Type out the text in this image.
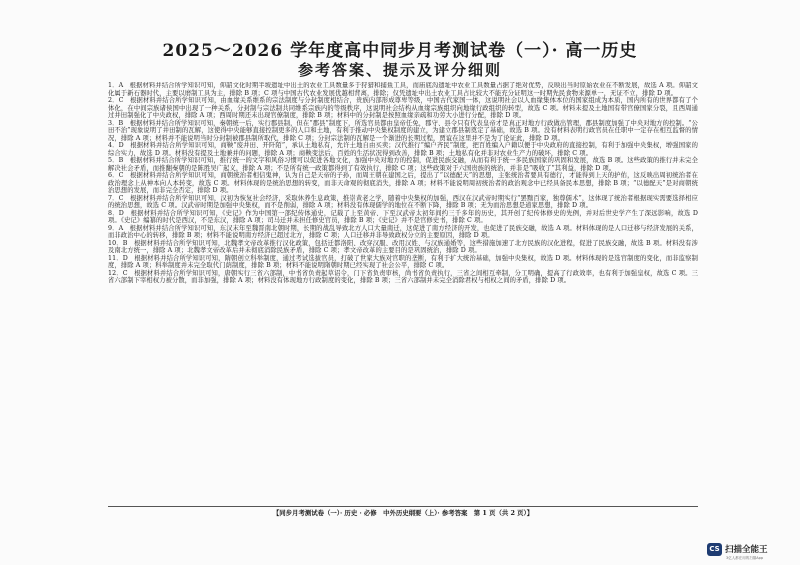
2025～2026 学年度高中同步月考测试卷（一）· 高一历史
参考答案、提示及评分细则

1．A　根据材料并结合所学知识可知，仰韶文化时期半坡遗址中出土的农业工具数量多于狩猎和捕鱼工具，而庙底沟遗址中农业工具数量占据了绝对优势，反映出当时原始农业在不断发展，故选 A 项。仰韶文化属于新石器时代，主要以磨制工具为主，排除 B 项；C 项与中国古代农业发展优越相背离，排除；仅凭遗址中出土农业工具占比较大不能充分证明这一时期先民食物来源单一，无证不立，排除 D 项。

2．C　根据材料并结合所学知识可知，由血缘关系维系的宗法制度与分封制度相结合，贵族内部形成尊卑等级，中国古代家国一体，这说明社会以人血缘集体本位的国家组成为本质，国内所有的世界都有了个体化，在中间宗族诸侯国中出现了一种关系，分封制与宗法制共同维系宗族内的等级秩序，这说明社会结构从血缘宗族组织向地缘行政组织的转型，故选 C 项。材料未提及土地国有带官僚国家分裂，且西周通过井田制强化了中央政权，排除 A 项；西周时期还未出现官僚制度，排除 B 项；材料中的分封制是按照血缘亲疏和功劳大小进行分配，排除 D 项。

3．B　根据材料并结合所学知识可知，秦朝统一后，实行郡县制，但在“郡县”制度下，所选官员都由皇帝任免，郡守、县令只有代表皇帝才是真正对地方行政做出管理，郡县制度加强了中央对地方的控制。“公田不治”现象说明了井田制的瓦解，这使得中央能够直接控制更多的人口和土地，有利于推动中央集权制度的建立，为建立郡县制奠定了基础，故选 B 项。没有材料表明行政官员在任职中一定存在相互监督的情况，排除 A 项；材料并不能说明当时分封制被郡县制所取代，排除 C 项；分封宗法制的瓦解是一个渐进的长期过程，贾谊在这里并不是为了论证此，排除 D 项。

4．D　根据材料并结合所学知识可知，商鞅“废井田、开阡陌”，承认土地私有，允许土地自由买卖；汉代推行“编户齐民”制度，把百姓编入户籍以便于中央政府的直接控制，有利于加强中央集权，增强国家的综合实力，故选 D 项。材料没有提及土地兼并的问题，排除 A 项；商鞅变法后，百姓的生活状况得到改善，排除 B 项；土地私有化并非对农业生产力的破坏，排除 C 项。

5．B　根据材料并结合所学知识可知，推行统一的文字和风俗习惯可以促进各地文化，加强中央对地方的控制，促进民族交融，从而有利于统一多民族国家的巩固和发展，故选 B 项。这些政策的推行并未完全解决社会矛盾，而推翻秦朝的是陈胜吴广起义，排除 A 项；不是所有统一政策都得到了有效执行，排除 C 项；这些政策对于六国贵族的统治，并非是“吸收了”其利益，排除 D 项。

6．C　根据材料并结合所学知识可知，商朝统治者相信鬼神，认为自己是天帝的子孙，而周王朝在建国之后，提出了“以德配天”的思想，主张统治者要具有德行，才能得到上天的护佑，这反映出周初统治者在政治理念上从神本向人本转变，故选 C 项。材料体现的是统治思想的转变，而非天命观的彻底消失，排除 A 项；材料不能说明周初统治者的政治观念中已经具备民本思想，排除 B 项；“以德配天”是对商朝统治思想的发展，而非完全否定，排除 D 项。

7．C　根据材料并结合所学知识可知，汉初为恢复社会经济，采取休养生息政策，推崇黄老之学，随着中央集权的加强，西汉在汉武帝时期实行“罢黜百家，独尊儒术”，这体现了统治者根据现实需要选择相应的统治思想，故选 C 项。汉武帝时期是加强中央集权，而不是削弱，排除 A 项；材料没有体现儒学的地位在不断下降，排除 B 项；无为而治思想是道家思想，排除 D 项。

8．D　根据材料并结合所学知识可知，《史记》作为中国第一部纪传体通史，记载了上至黄帝、下至汉武帝太初年间约三千多年的历史，其开创了纪传体修史的先例，并对后世史学产生了深远影响，故选 D 项。《史记》编纂的时代是西汉，不是东汉，排除 A 项；司马迁并未担任修史官员，排除 B 项；《史记》并不是官修史书，排除 C 项。

9．A　根据材料并结合所学知识可知，东汉末年至魏晋南北朝时期，长期的战乱导致北方人口大量南迁，这促进了南方经济的开发，也促进了民族交融，故选 A 项。材料体现的是人口迁移与经济发展的关系，而非政治中心的转移，排除 B 项；材料不能说明南方经济已超过北方，排除 C 项；人口迁移并非导致政权分立的主要原因，排除 D 项。

10．B　根据材料并结合所学知识可知，北魏孝文帝改革推行汉化政策，包括迁都洛阳、改穿汉服、改用汉姓、与汉族通婚等，这些措施加速了北方民族的汉化进程，促进了民族交融，故选 B 项。材料没有涉及南北方统一，排除 A 项；北魏孝文帝改革后并未彻底消除民族矛盾，排除 C 项；孝文帝改革的主要目的是巩固统治，排除 D 项。

11．D　根据材料并结合所学知识可知，隋朝创立科举制度，通过考试选拔官员，打破了世家大族对官职的垄断，有利于扩大统治基础，加强中央集权，故选 D 项。材料体现的是选官制度的变化，而非监察制度，排除 A 项；科举制度并未完全取代门荫制度，排除 B 项；材料不能说明隋朝时期已经实现了社会公平，排除 C 项。

12．C　根据材料并结合所学知识可知，唐朝实行三省六部制，中书省负责起草诏令，门下省负责审核，尚书省负责执行，三省之间相互牵制，分工明确，提高了行政效率，也有利于加强皇权，故选 C 项。三省六部制下宰相权力被分散，而非加强，排除 A 项；材料没有体现地方行政制度的变化，排除 B 项；三省六部制并未完全消除君权与相权之间的矛盾，排除 D 项。

【同步月考测试卷（一）· 历史 · 必修　中外历史纲要（上）· 参考答案　第 1 页（共 2 页）】
CS 扫描全能王
3亿人都在用的扫描App
